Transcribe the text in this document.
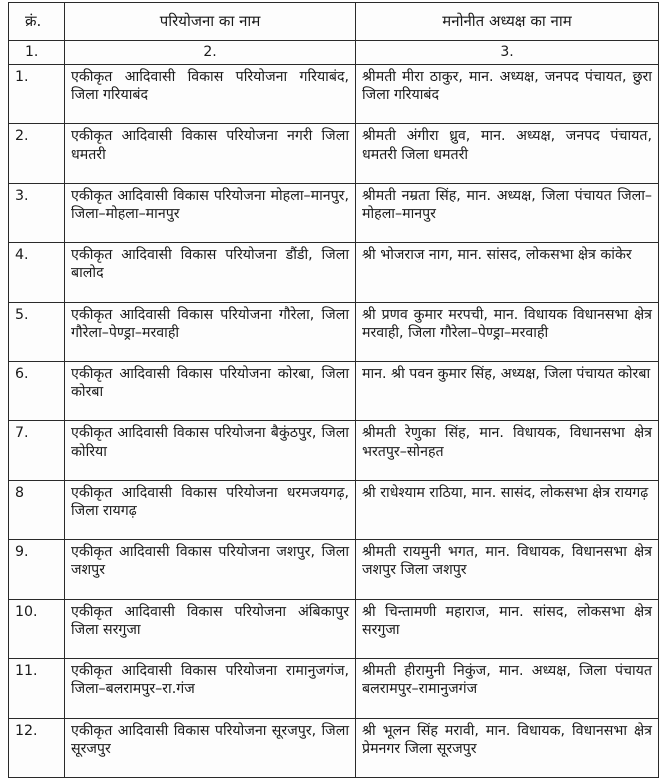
क्रं.	परियोजना का नाम	मनोनीत अध्यक्ष का नाम
1.	2.	3.
1.	एकीकृत आदिवासी विकास परियोजना गरियाबंद, जिला गरियाबंद	श्रीमती मीरा ठाकुर, मान. अध्यक्ष, जनपद पंचायत, छुरा जिला गरियाबंद
2.	एकीकृत आदिवासी विकास परियोजना नगरी जिला धमतरी	श्रीमती अंगीरा ध्रुव, मान. अध्यक्ष, जनपद पंचायत, धमतरी जिला धमतरी
3.	एकीकृत आदिवासी विकास परियोजना मोहला–मानपुर, जिला–मोहला–मानपुर	श्रीमती नम्रता सिंह, मान. अध्यक्ष, जिला पंचायत जिला–मोहला–मानपुर
4.	एकीकृत आदिवासी विकास परियोजना डौंडी, जिला बालोद	श्री भोजराज नाग, मान. सांसद, लोकसभा क्षेत्र कांकेर
5.	एकीकृत आदिवासी विकास परियोजना गौरेला, जिला गौरेला–पेण्ड्रा–मरवाही	श्री प्रणव कुमार मरपची, मान. विधायक विधानसभा क्षेत्र मरवाही, जिला गौरेला–पेण्ड्रा–मरवाही
6.	एकीकृत आदिवासी विकास परियोजना कोरबा, जिला कोरबा	मान. श्री पवन कुमार सिंह, अध्यक्ष, जिला पंचायत कोरबा
7.	एकीकृत आदिवासी विकास परियोजना बैकुंठपुर, जिला कोरिया	श्रीमती रेणुका सिंह, मान. विधायक, विधानसभा क्षेत्र भरतपुर–सोनहत
8	एकीकृत आदिवासी विकास परियोजना धरमजयगढ़, जिला रायगढ़	श्री राधेश्याम राठिया, मान. सासंद, लोकसभा क्षेत्र रायगढ़
9.	एकीकृत आदिवासी विकास परियोजना जशपुर, जिला जशपुर	श्रीमती रायमुनी भगत, मान. विधायक, विधानसभा क्षेत्र जशपुर जिला जशपुर
10.	एकीकृत आदिवासी विकास परियोजना अंबिकापुर जिला सरगुजा	श्री चिन्तामणी महाराज, मान. सांसद, लोकसभा क्षेत्र सरगुजा
11.	एकीकृत आदिवासी विकास परियोजना रामानुजगंज, जिला–बलरामपुर–रा.गंज	श्रीमती हीरामुनी निकुंज, मान. अध्यक्ष, जिला पंचायत बलरामपुर–रामानुजगंज
12.	एकीकृत आदिवासी विकास परियोजना सूरजपुर, जिला सूरजपुर	श्री भूलन सिंह मरावी, मान. विधायक, विधानसभा क्षेत्र प्रेमनगर जिला सूरजपुर
